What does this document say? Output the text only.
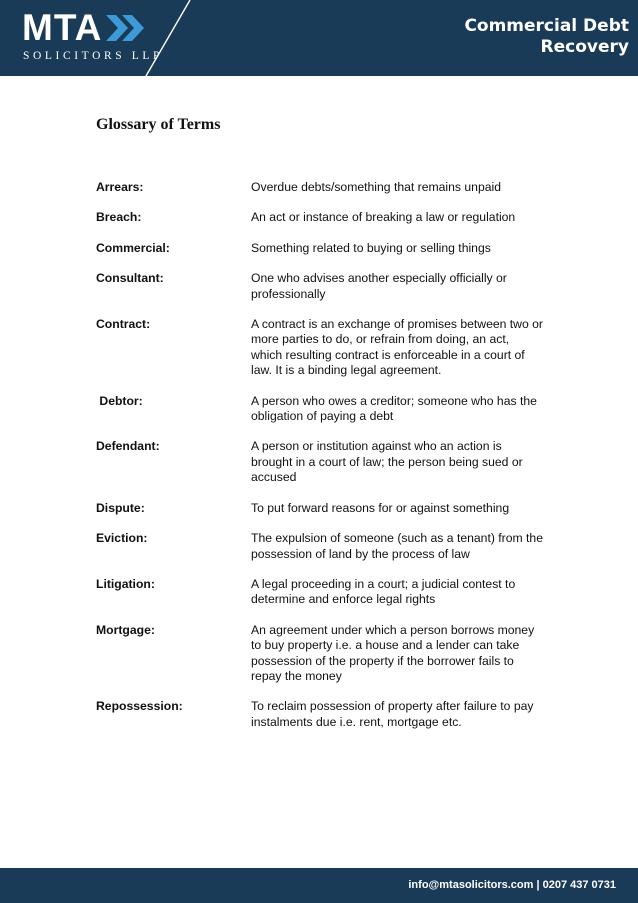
MTA
SOLICITORS LLP
Commercial Debt
Recovery
Glossary of Terms
Arrears:	Overdue debts/something that remains unpaid
Breach:	An act or instance of breaking a law or regulation
Commercial:	Something related to buying or selling things
Consultant:	One who advises another especially officially or professionally
Contract:	A contract is an exchange of promises between two or more parties to do, or refrain from doing, an act, which resulting contract is enforceable in a court of law. It is a binding legal agreement.
Debtor:	A person who owes a creditor; someone who has the obligation of paying a debt
Defendant:	A person or institution against who an action is brought in a court of law; the person being sued or accused
Dispute:	To put forward reasons for or against something
Eviction:	The expulsion of someone (such as a tenant) from the possession of land by the process of law
Litigation:	A legal proceeding in a court; a judicial contest to determine and enforce legal rights
Mortgage:	An agreement under which a person borrows money to buy property i.e. a house and a lender can take possession of the property if the borrower fails to repay the money
Repossession:	To reclaim possession of property after failure to pay instalments due i.e. rent, mortgage etc.
info@mtasolicitors.com | 0207 437 0731
